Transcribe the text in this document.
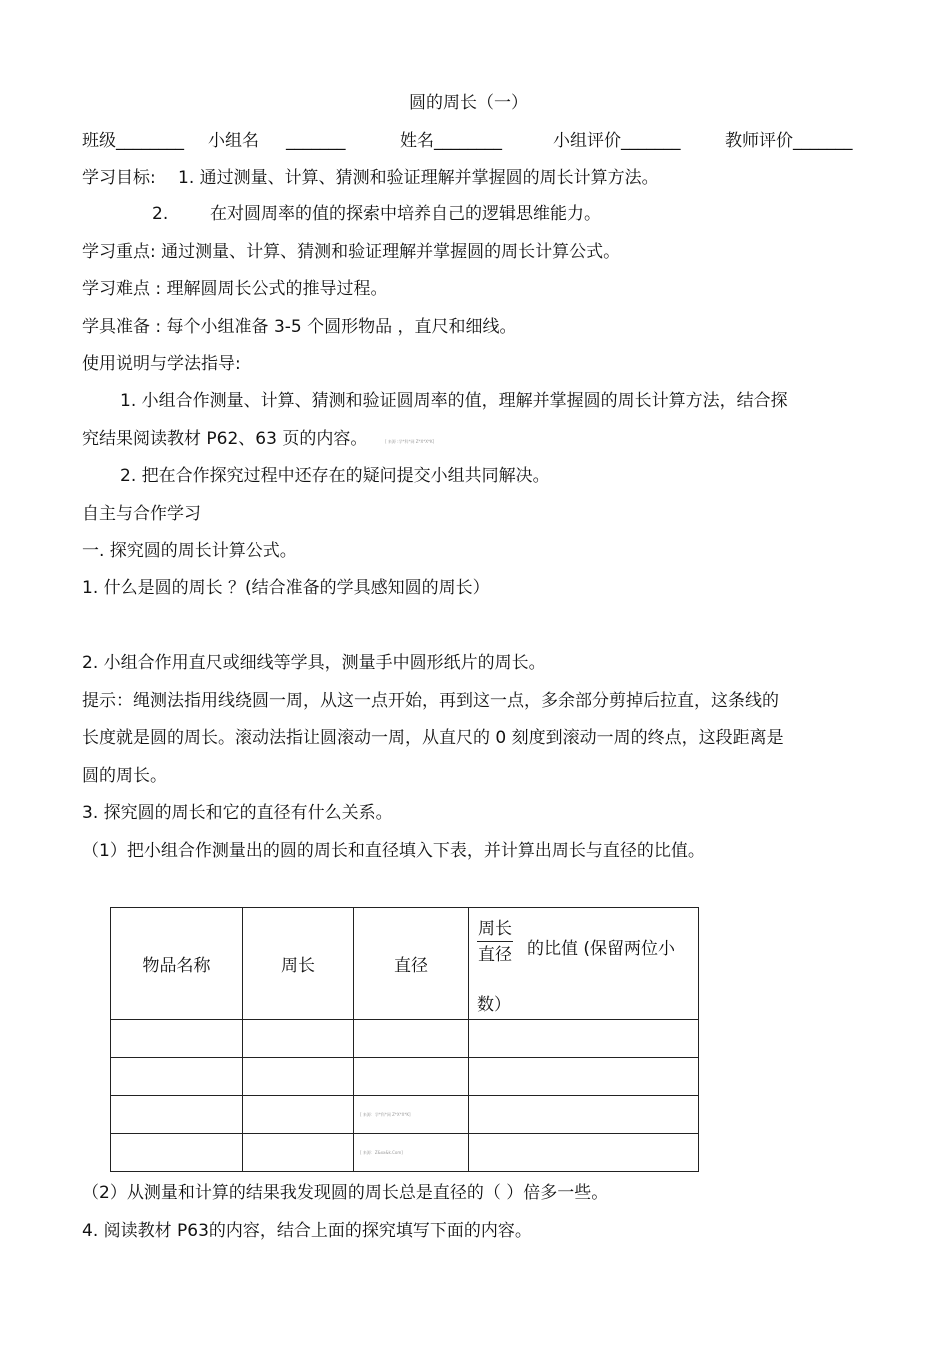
圆的周长（一）
班级________ 小组名 _______	姓名________	小组评价_______	教师评价_______
学习目标: 1. 通过测量、计算、猜测和验证理解并掌握圆的周长计算方法。
2. 在对圆周率的值的探索中培养自己的逻辑思维能力。
学习重点: 通过测量、计算、猜测和验证理解并掌握圆的周长计算公式。
学习难点 : 理解圆周长公式的推导过程。
学具准备 : 每个小组准备 3-5 个圆形物品 ，直尺和细线。
使用说明与学法指导:
1. 小组合作测量、计算、猜测和验证圆周率的值，理解并掌握圆的周长计算方法，结合探
究结果阅读教材 P62、63 页的内容。	[ 来源 :学*科*网 Z*X*X*K]
2. 把在合作探究过程中还存在的疑问提交小组共同解决。
自主与合作学习
一. 探究圆的周长计算公式。
1. 什么是圆的周长 ？(结合准备的学具感知圆的周长）
2. 小组合作用直尺或细线等学具，测量手中圆形纸片的周长。
提示：绳测法指用线绕圆一周，从这一点开始，再到这一点，多余部分剪掉后拉直，这条线的
长度就是圆的周长。滚动法指让圆滚动一周，从直尺的 0 刻度到滚动一周的终点，这段距离是
圆的周长。
3. 探究圆的周长和它的直径有什么关系。
（1）把小组合作测量出的圆的周长和直径填入下表，并计算出周长与直径的比值。
物品名称	周长	直径	周长
直径 的比值 (保留两位小
数）

		[ 来源：学*科*网 Z*X*X*K]	

		[ 来源：Z&xx&k.Com]	

（2）从测量和计算的结果我发现圆的周长总是直径的（ ）倍多一些。
4. 阅读教材 P63的内容，结合上面的探究填写下面的内容。
